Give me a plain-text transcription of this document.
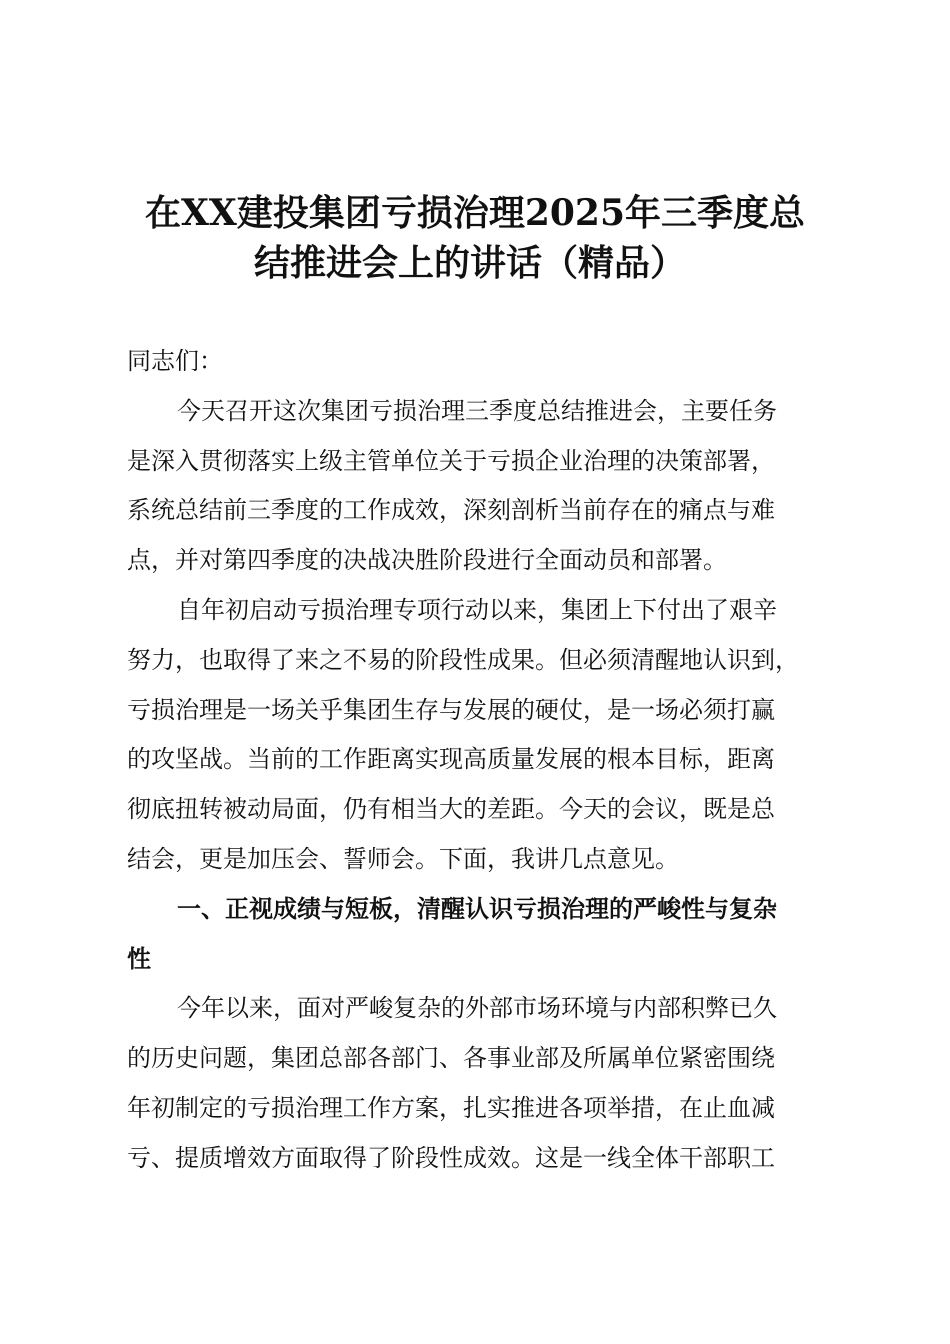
在XX建投集团亏损治理2025年三季度总
结推进会上的讲话（精品）
同志们：
今天召开这次集团亏损治理三季度总结推进会，主要任务
是深入贯彻落实上级主管单位关于亏损企业治理的决策部署，
系统总结前三季度的工作成效，深刻剖析当前存在的痛点与难
点，并对第四季度的决战决胜阶段进行全面动员和部署。
自年初启动亏损治理专项行动以来，集团上下付出了艰辛
努力，也取得了来之不易的阶段性成果。但必须清醒地认识到，
亏损治理是一场关乎集团生存与发展的硬仗，是一场必须打赢
的攻坚战。当前的工作距离实现高质量发展的根本目标，距离
彻底扭转被动局面，仍有相当大的差距。今天的会议，既是总
结会，更是加压会、誓师会。下面，我讲几点意见。
一、正视成绩与短板，清醒认识亏损治理的严峻性与复杂
性
今年以来，面对严峻复杂的外部市场环境与内部积弊已久
的历史问题，集团总部各部门、各事业部及所属单位紧密围绕
年初制定的亏损治理工作方案，扎实推进各项举措，在止血减
亏、提质增效方面取得了阶段性成效。这是一线全体干部职工
